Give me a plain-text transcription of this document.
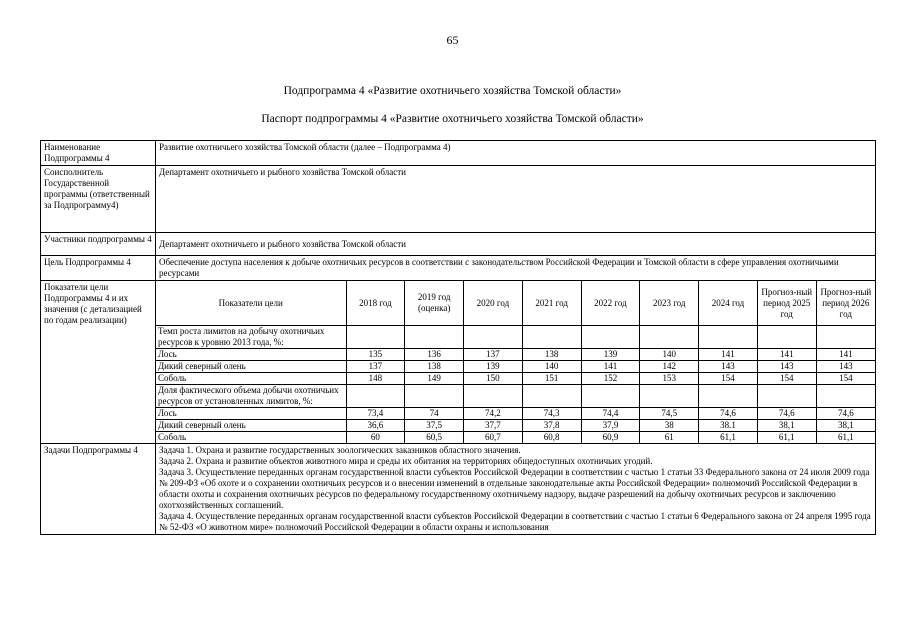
65
Подпрограмма 4 «Развитие охотничьего хозяйства Томской области»
Паспорт подпрограммы 4 «Развитие охотничьего хозяйства Томской области»
Наименование Подпрограммы 4	Развитие охотничьего хозяйства Томской области (далее – Подпрограмма 4)
Соисполнитель Государственной программы (ответственный за Подпрограмму4)	Департамент охотничьего и рыбного хозяйства Томской области
Участники подпрограммы 4	Департамент охотничьего и рыбного хозяйства Томской области
Цель Подпрограммы 4	Обеспечение доступа населения к добыче охотничьих ресурсов в соответствии с законодательством Российской Федерации и Томской области в сфере управления охотничьими ресурсами
Показатели цели Подпрограммы 4 и их значения (с детализацией по годам реализации)	
Показатели цели	2018 год	2019 год (оценка)	2020 год	2021 год	2022 год	2023 год	2024 год	Прогноз-ный период 2025 год	Прогноз-ный период 2026 год
Темп роста лимитов на добычу охотничьих ресурсов к уровню 2013 года, %:									
Лось	135	136	137	138	139	140	141	141	141
Дикий северный олень	137	138	139	140	141	142	143	143	143
Соболь	148	149	150	151	152	153	154	154	154
Доля фактического объема добычи охотничьих ресурсов от установленных лимитов, %:									
Лось	73,4	74	74,2	74,3	74,4	74,5	74,6	74,6	74,6
Дикий северный олень	36,6	37,5	37,7	37,8	37,9	38	38.1	38,1	38,1
Соболь	60	60,5	60,7	60,8	60,9	61	61,1	61,1	61,1

Задачи Подпрограммы 4	Задача 1. Охрана и развитие государственных зоологических заказников областного значения.
Задача 2. Охрана и развитие объектов животного мира и среды их обитания на территориях общедоступных охотничьих угодий.
Задача 3. Осуществление переданных органам государственной власти субъектов Российской Федерации в соответствии с частью 1 статьи 33 Федерального закона от 24 июля 2009 года № 209-ФЗ «Об охоте и о сохранении охотничьих ресурсов и о внесении изменений в отдельные законодательные акты Российской Федерации» полномочий Российской Федерации в области охоты и сохранения охотничьих ресурсов по федеральному государственному охотничьему надзору, выдаче разрешений на добычу охотничьих ресурсов и заключению охотхозяйственных соглашений.
Задача 4. Осуществление переданных органам государственной власти субъектов Российской Федерации в соответствии с частью 1 статьи 6 Федерального закона от 24 апреля 1995 года № 52-ФЗ «О животном мире» полномочий Российской Федерации в области охраны и использования
